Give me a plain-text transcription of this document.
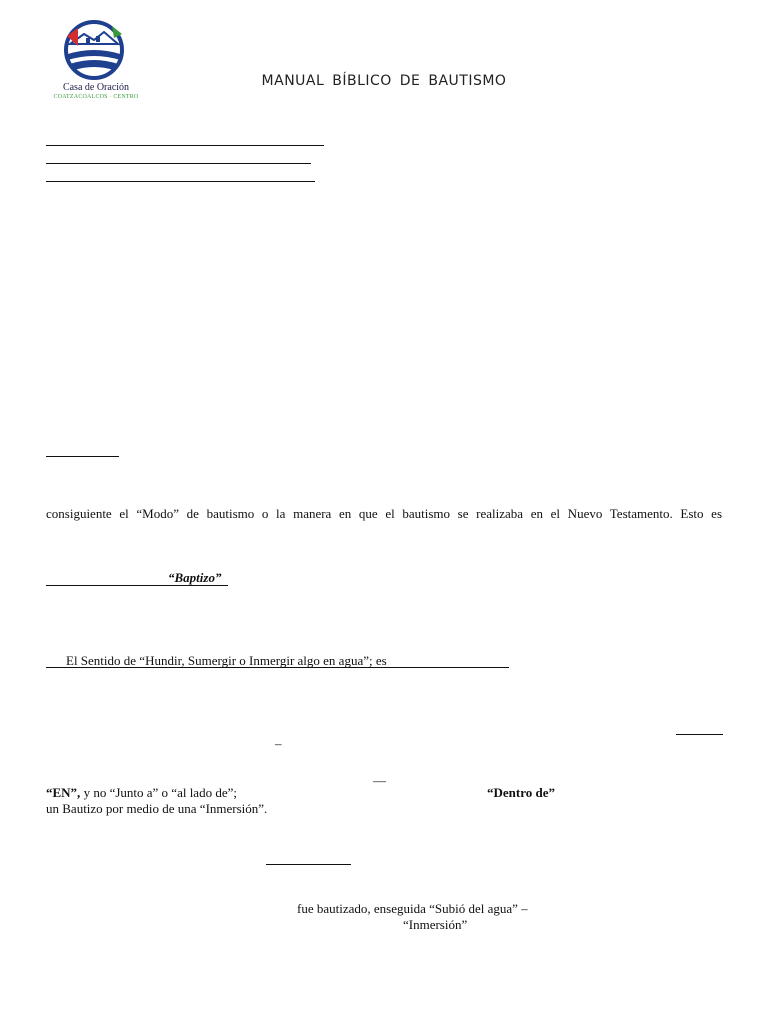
Casa de Oración
COATZACOALCOS · CENTRO
MANUAL BÍBLICO DE BAUTISMO
consiguiente el “Modo” de bautismo o la manera en que el bautismo se realizaba en el Nuevo Testamento. Esto es
“Baptizo”
El Sentido de “Hundir, Sumergir o Inmergir algo en agua”; es
–
—
“EN”, y no “Junto a” o “al lado de”;	“Dentro de”
un Bautizo por medio de una “Inmersión”.
fue bautizado, enseguida “Subió del agua” –
“Inmersión”
